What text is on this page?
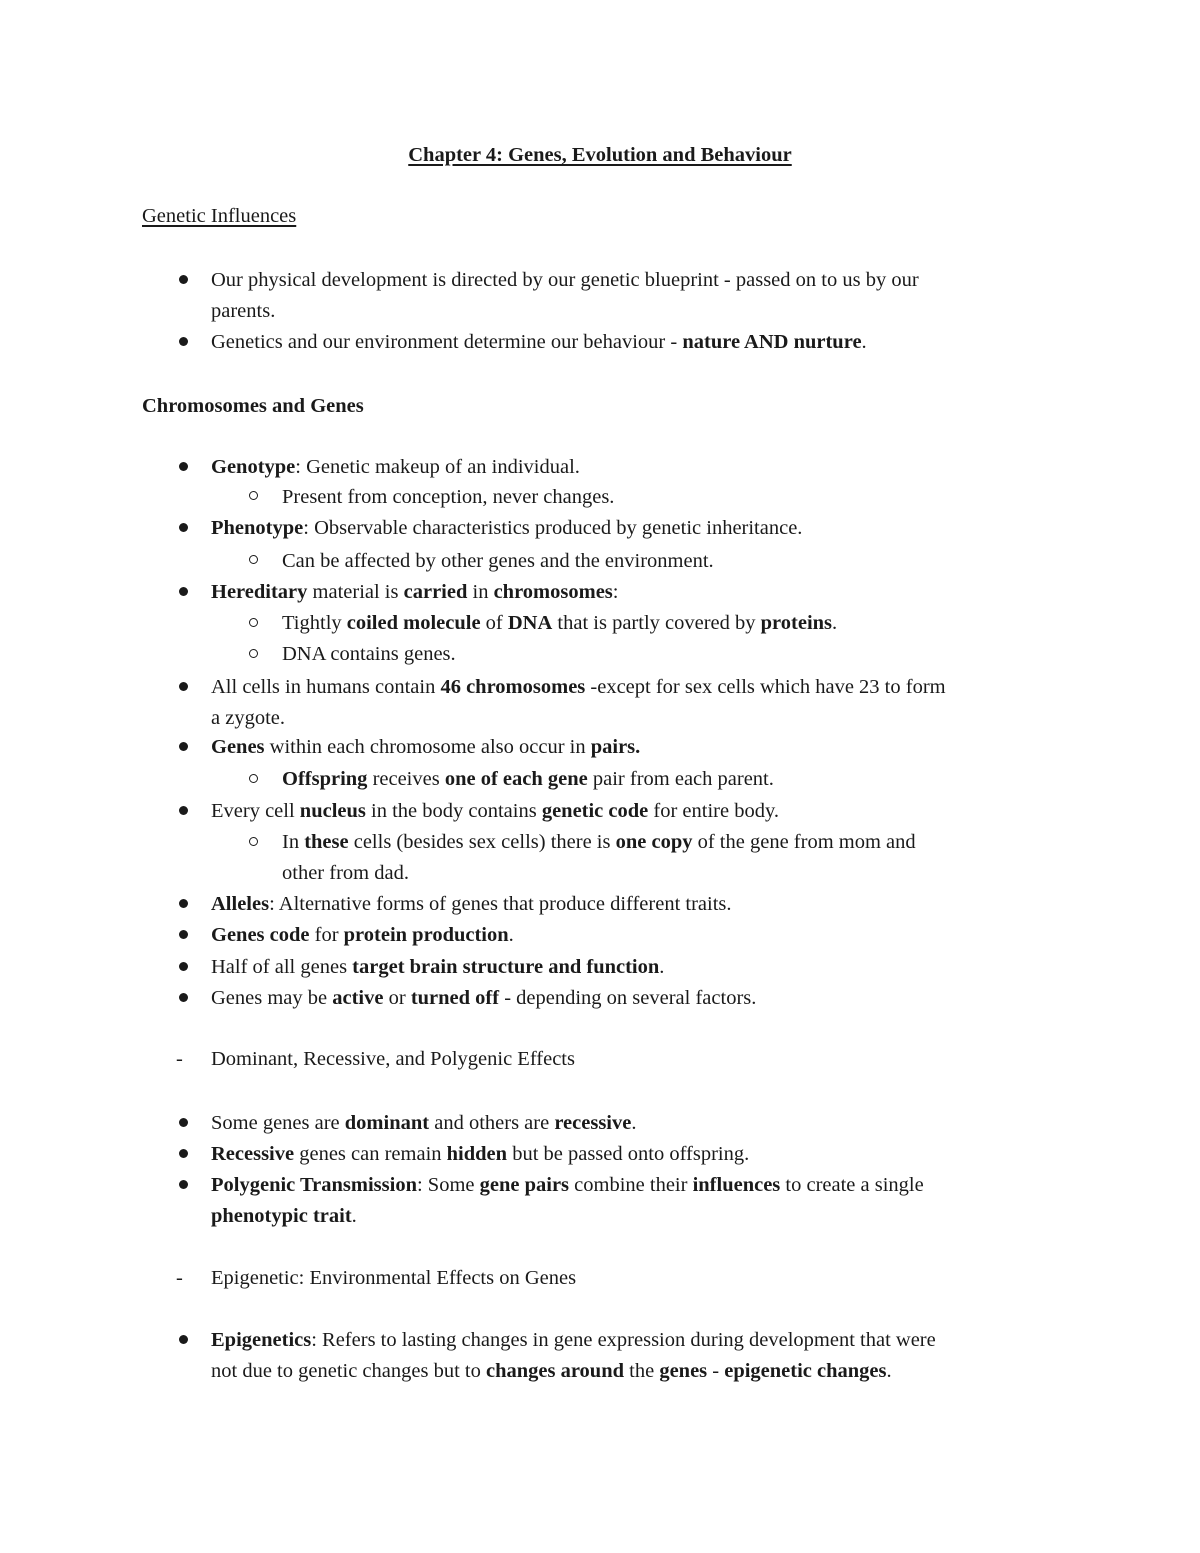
Chapter 4: Genes, Evolution and Behaviour
Genetic Influences
Our physical development is directed by our genetic blueprint - passed on to us by our
parents.
Genetics and our environment determine our behaviour - nature AND nurture.
Chromosomes and Genes
Genotype: Genetic makeup of an individual.
Present from conception, never changes.
Phenotype: Observable characteristics produced by genetic inheritance.
Can be affected by other genes and the environment.
Hereditary material is carried in chromosomes:
Tightly coiled molecule of DNA that is partly covered by proteins.
DNA contains genes.
All cells in humans contain 46 chromosomes -except for sex cells which have 23 to form
a zygote.
Genes within each chromosome also occur in pairs.
Offspring receives one of each gene pair from each parent.
Every cell nucleus in the body contains genetic code for entire body.
In these cells (besides sex cells) there is one copy of the gene from mom and
other from dad.
Alleles: Alternative forms of genes that produce different traits.
Genes code for protein production.
Half of all genes target brain structure and function.
Genes may be active or turned off - depending on several factors.
- Dominant, Recessive, and Polygenic Effects
Some genes are dominant and others are recessive.
Recessive genes can remain hidden but be passed onto offspring.
Polygenic Transmission: Some gene pairs combine their influences to create a single
phenotypic trait.
- Epigenetic: Environmental Effects on Genes
Epigenetics: Refers to lasting changes in gene expression during development that were
not due to genetic changes but to changes around the genes - epigenetic changes.
